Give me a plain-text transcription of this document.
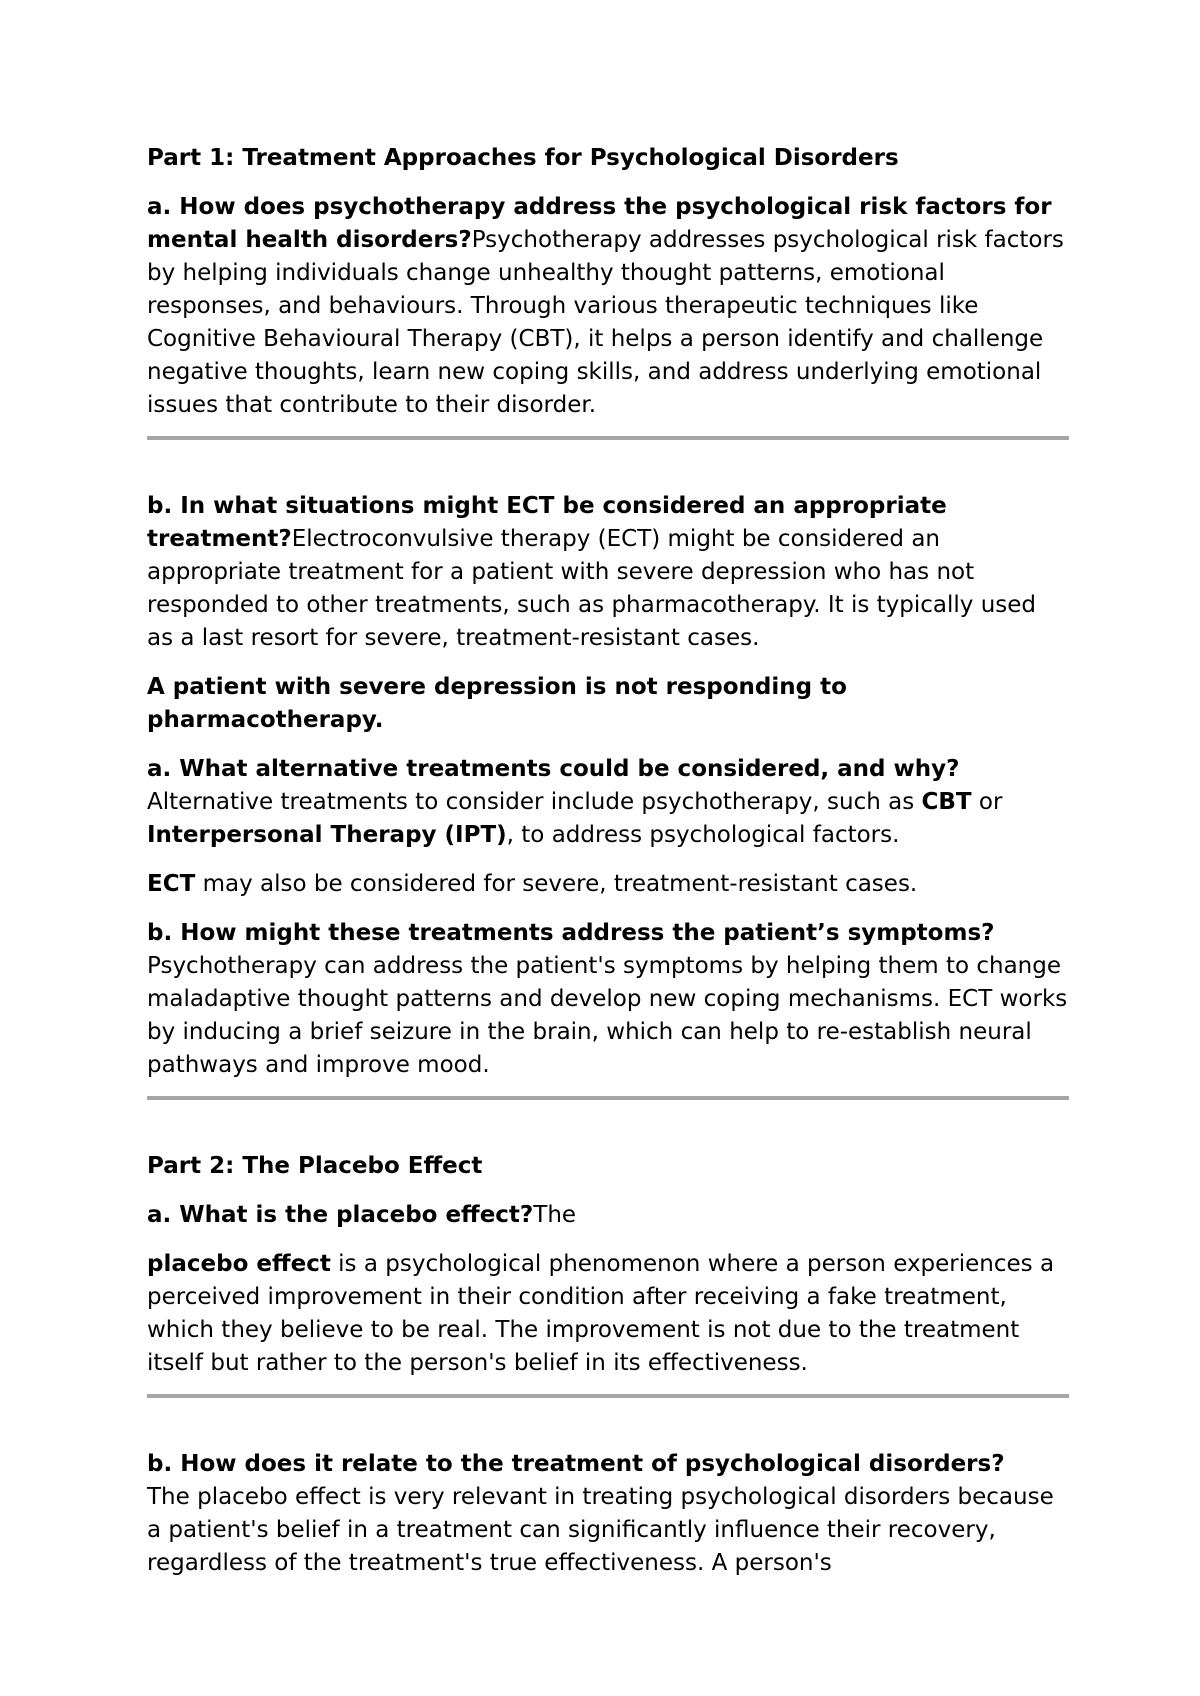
Part 1: Treatment Approaches for Psychological Disorders

a. How does psychotherapy address the psychological risk factors for mental health disorders?Psychotherapy addresses psychological risk factors by helping individuals change unhealthy thought patterns, emotional responses, and behaviours. Through various therapeutic techniques like Cognitive Behavioural Therapy (CBT), it helps a person identify and challenge negative thoughts, learn new coping skills, and address underlying emotional issues that contribute to their disorder.

b. In what situations might ECT be considered an appropriate treatment?Electroconvulsive therapy (ECT) might be considered an appropriate treatment for a patient with severe depression who has not responded to other treatments, such as pharmacotherapy. It is typically used as a last resort for severe, treatment-resistant cases.

A patient with severe depression is not responding to pharmacotherapy.

a. What alternative treatments could be considered, and why?
Alternative treatments to consider include psychotherapy, such as CBT or Interpersonal Therapy (IPT), to address psychological factors.

ECT may also be considered for severe, treatment-resistant cases.

b. How might these treatments address the patient’s symptoms?
Psychotherapy can address the patient's symptoms by helping them to change maladaptive thought patterns and develop new coping mechanisms. ECT works by inducing a brief seizure in the brain, which can help to re-establish neural pathways and improve mood.

Part 2: The Placebo Effect

a. What is the placebo effect?The

placebo effect is a psychological phenomenon where a person experiences a perceived improvement in their condition after receiving a fake treatment, which they believe to be real. The improvement is not due to the treatment itself but rather to the person's belief in its effectiveness.

b. How does it relate to the treatment of psychological disorders?
The placebo effect is very relevant in treating psychological disorders because a patient's belief in a treatment can significantly influence their recovery, regardless of the treatment's true effectiveness. A person's
